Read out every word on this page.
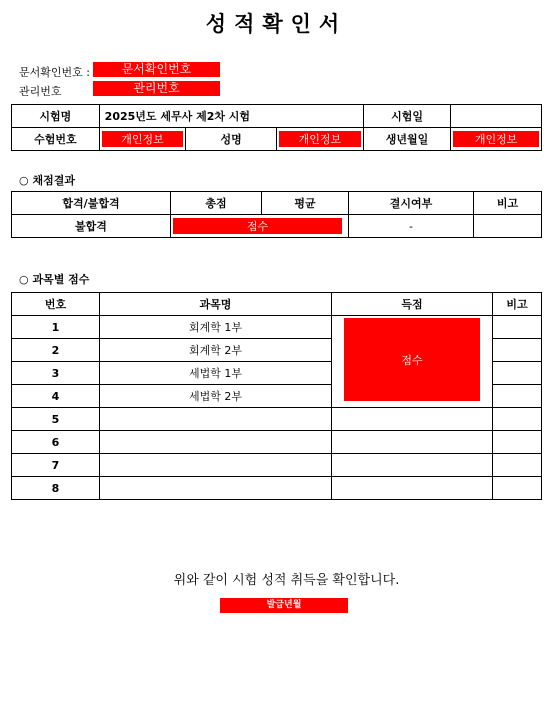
성적확인서
문서확인번호 :	문서확인번호
관리번호	관리번호
시험명	2025년도 세무사 제2차 시험			시험일	
수험번호	개인정보	성명	개인정보	생년월일	개인정보
○ 채점결과
합격/불합격	총점	평균	결시여부	비고
불합격	점수		-	
○ 과목별 점수
번호	과목명	득점	비고
1	회계학 1부	점수	

2	회계학 2부		
3	세법학 1부		
4	세법학 2부		
5			
6			
7			
8			
위와 같이 시험 성적 취득을 확인합니다.
발급년월
